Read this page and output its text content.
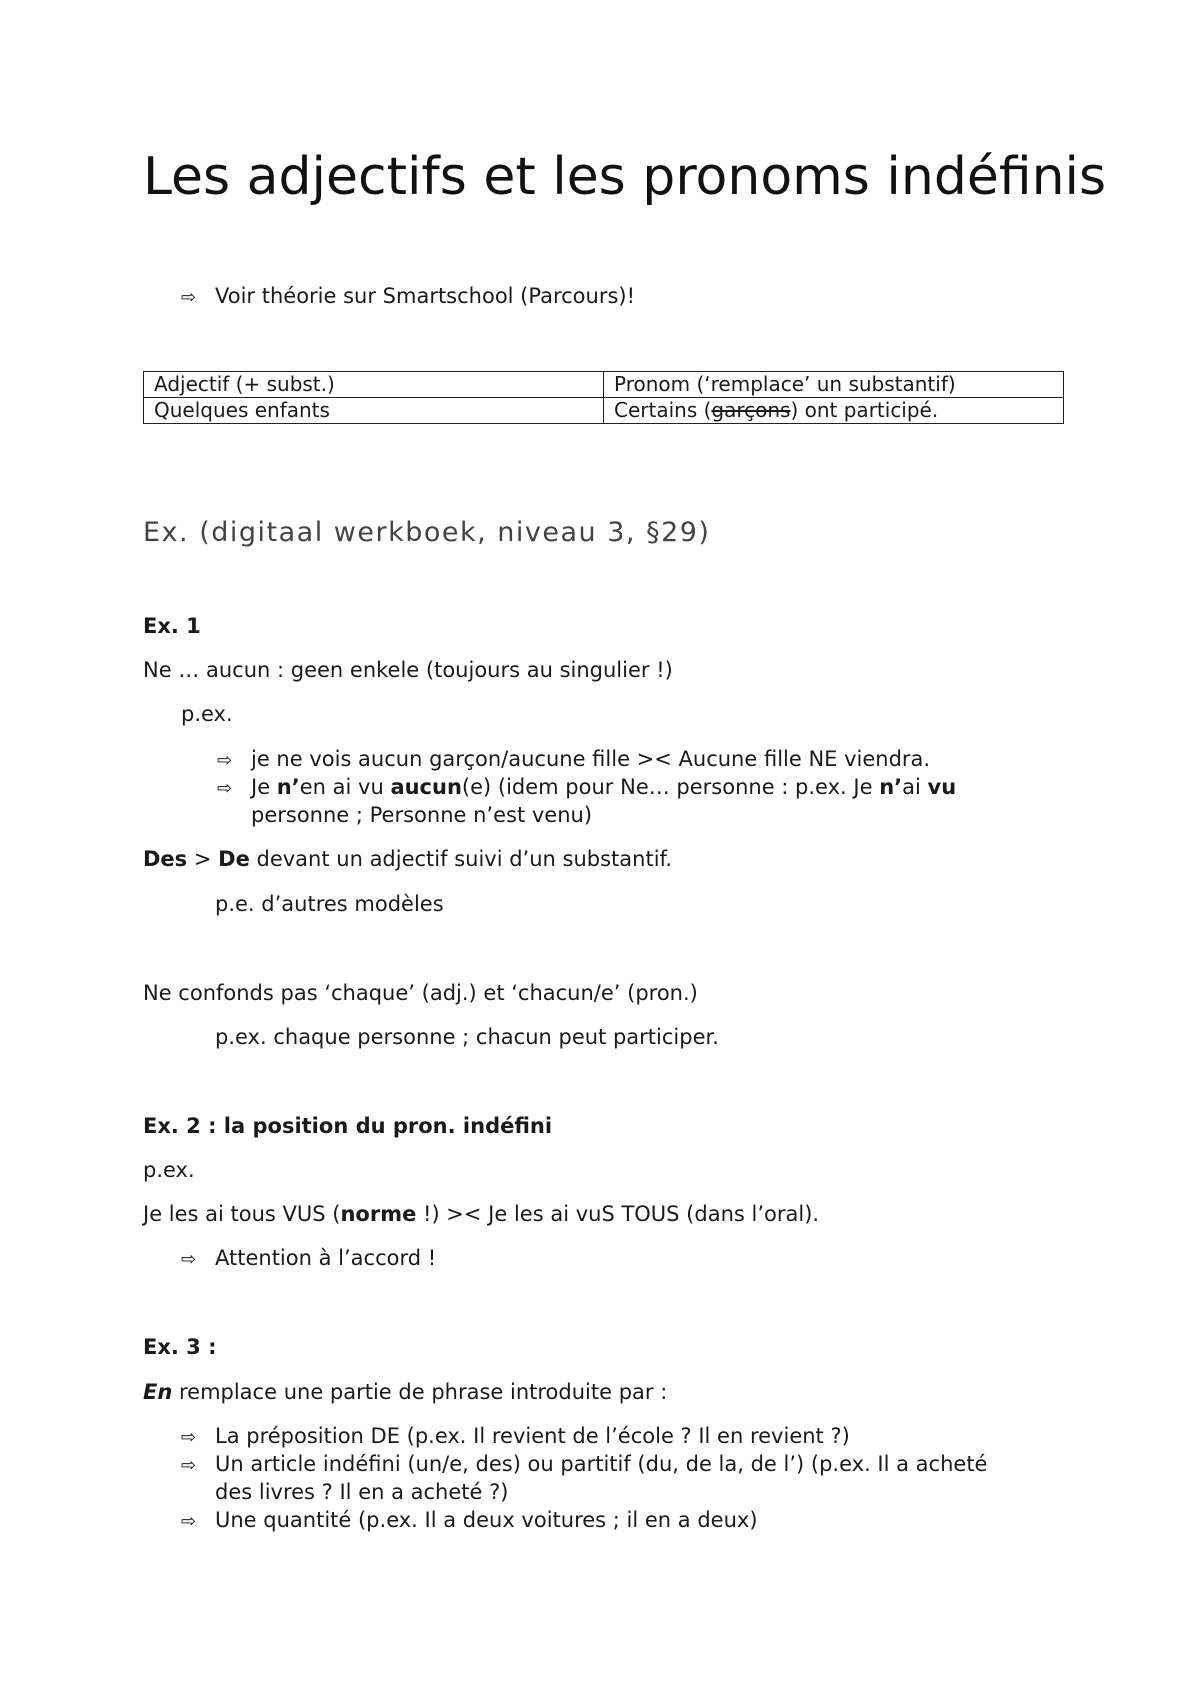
Les adjectifs et les pronoms indéfinis
⇨ Voir théorie sur Smartschool (Parcours)!
Adjectif (+ subst.)	Pronom (‘remplace’ un substantif)
Quelques enfants	Certains (garçons) ont participé.
Ex. (digitaal werkboek, niveau 3, §29)
Ex. 1
Ne … aucun : geen enkele (toujours au singulier !)
p.ex.
⇨ je ne vois aucun garçon/aucune fille >< Aucune fille NE viendra.
⇨ Je n’en ai vu aucun(e) (idem pour Ne… personne : p.ex. Je n’ai vu
personne ; Personne n’est venu)
Des > De devant un adjectif suivi d’un substantif.
p.e. d’autres modèles
Ne confonds pas ‘chaque’ (adj.) et ‘chacun/e’ (pron.)
p.ex. chaque personne ; chacun peut participer.
Ex. 2 : la position du pron. indéfini
p.ex.
Je les ai tous VUS (norme !) >< Je les ai vuS TOUS (dans l’oral).
⇨ Attention à l’accord !
Ex. 3 :
En remplace une partie de phrase introduite par :
⇨ La préposition DE (p.ex. Il revient de l’école ? Il en revient ?)
⇨ Un article indéfini (un/e, des) ou partitif (du, de la, de l’) (p.ex. Il a acheté
des livres ? Il en a acheté ?)
⇨ Une quantité (p.ex. Il a deux voitures ; il en a deux)
